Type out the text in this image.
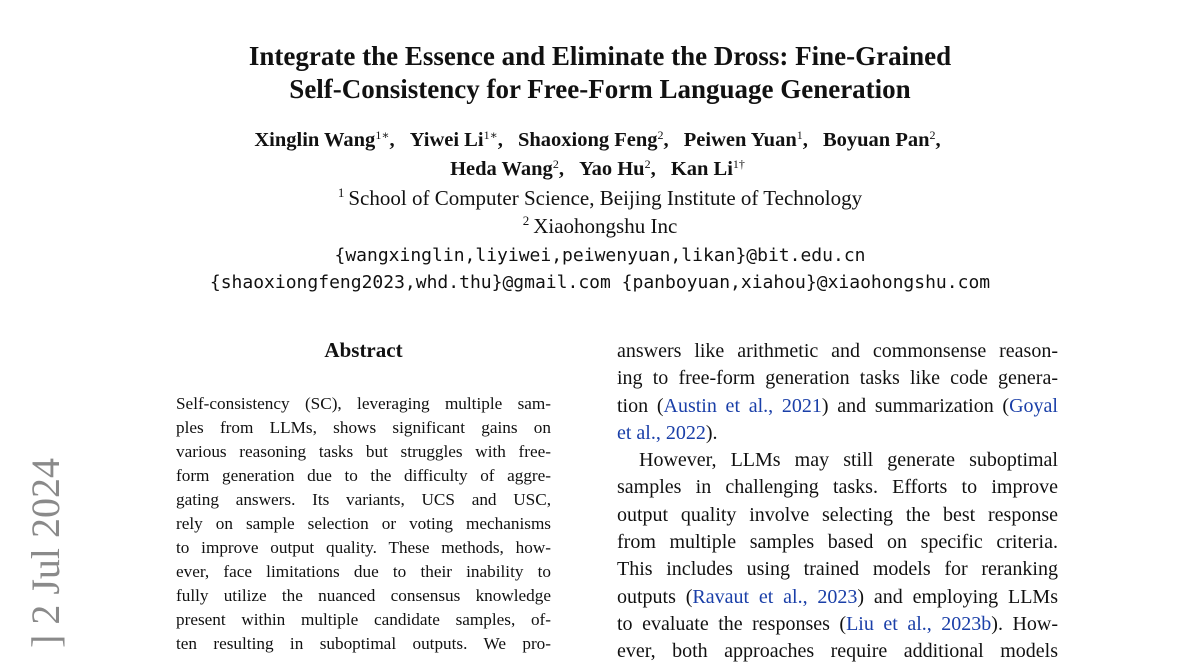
] 2 Jul 2024
Integrate the Essence and Eliminate the Dross: Fine-Grained
Self-Consistency for Free-Form Language Generation
Xinglin Wang$^{1∗}$, Yiwei $Li^{1∗}$, Shaoxiong Feng$^2$, Peiwen Yuan$^1$, Boyuan Pan$^2$,
Heda Wang$^2$, Yao Hu$^2$, Kan $Li^{1\dagger}$
$^1$ School of Computer Science, Beijing Institute of Technology
$^2$ Xiaohongshu Inc
{wangxinglin,liyiwei,peiwenyuan,likan}@bit.edu.cn
{shaoxiongfeng2023,whd.thu}@gmail.com {panboyuan,xiahou}@xiaohongshu.com
Abstract
Self-consistency (SC), leveraging multiple sam-
ples from LLMs, shows significant gains on
various reasoning tasks but struggles with free-
form generation due to the difficulty of aggre-
gating answers. Its variants, UCS and USC,
rely on sample selection or voting mechanisms
to improve output quality. These methods, how-
ever, face limitations due to their inability to
fully utilize the nuanced consensus knowledge
present within multiple candidate samples, of-
ten resulting in suboptimal outputs. We pro-
answers like arithmetic and commonsense reason-
ing to free-form generation tasks like code genera-
tion (Austin et al., 2021) and summarization (Goyal
et al., 2022).
However, LLMs may still generate suboptimal
samples in challenging tasks. Efforts to improve
output quality involve selecting the best response
from multiple samples based on specific criteria.
This includes using trained models for reranking
outputs (Ravaut et al., 2023) and employing LLMs
to evaluate the responses (Liu et al., 2023b). How-
ever, both approaches require additional models
